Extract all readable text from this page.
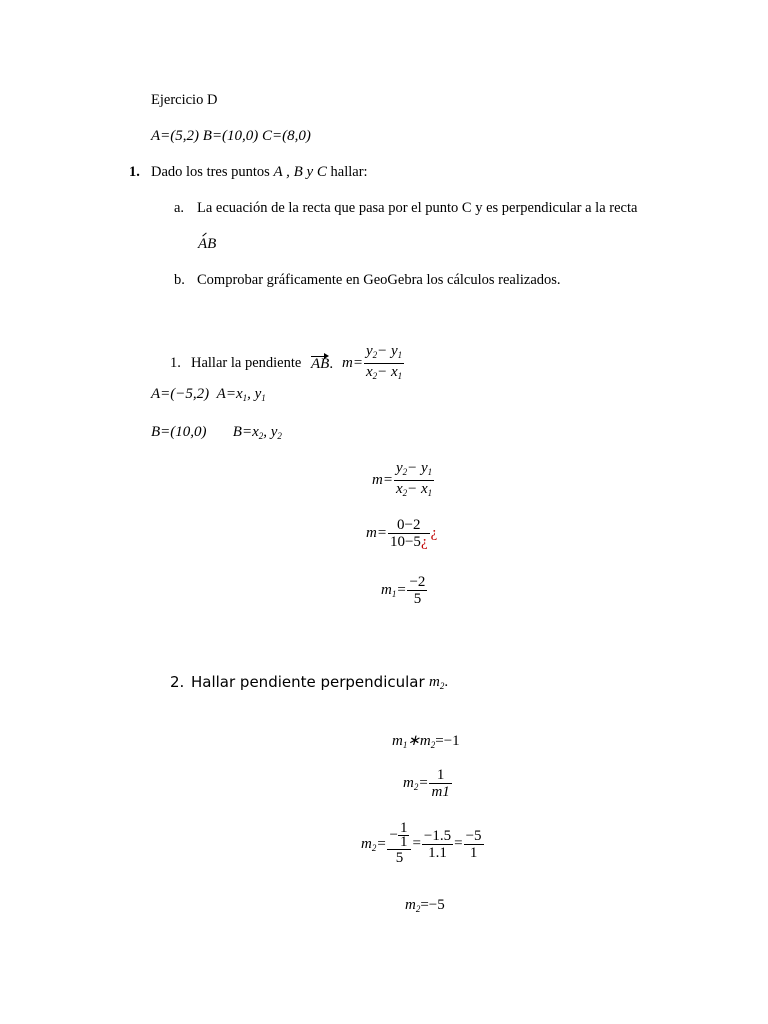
Ejercicio D
A=(5,2) B=(10,0) C=(8,0)
1. Dado los tres puntos A , B y C hallar:
a. La ecuación de la recta que pasa por el punto C y es perpendicular a la recta
AB
b. Comprobar gráficamente en GeoGebra los cálculos realizados.
1. Hallar la pendiente AB. $m= \frac{y_2- y_1}{x_2- x_1}$
A=(−5,2) $A=x_1$, $y_1$
B=(10,0) $B=x_2$, $y_2$
$m= \frac{y_2- y_1}{x_2- x_1}$
$m= \frac{0-2}{10-5¿}$ ¿
$m_1= \frac{-2}{5}$
2. Hallar pendiente perpendicular $m_2$.
$m_1∗m_2=-1$
$m_2= \frac{1}{m1}$
$m_2= \frac{- \frac{1}{1}}{5} = \frac{-1.5}{1.1} = \frac{-5}{1}$
$m_2=-5$
